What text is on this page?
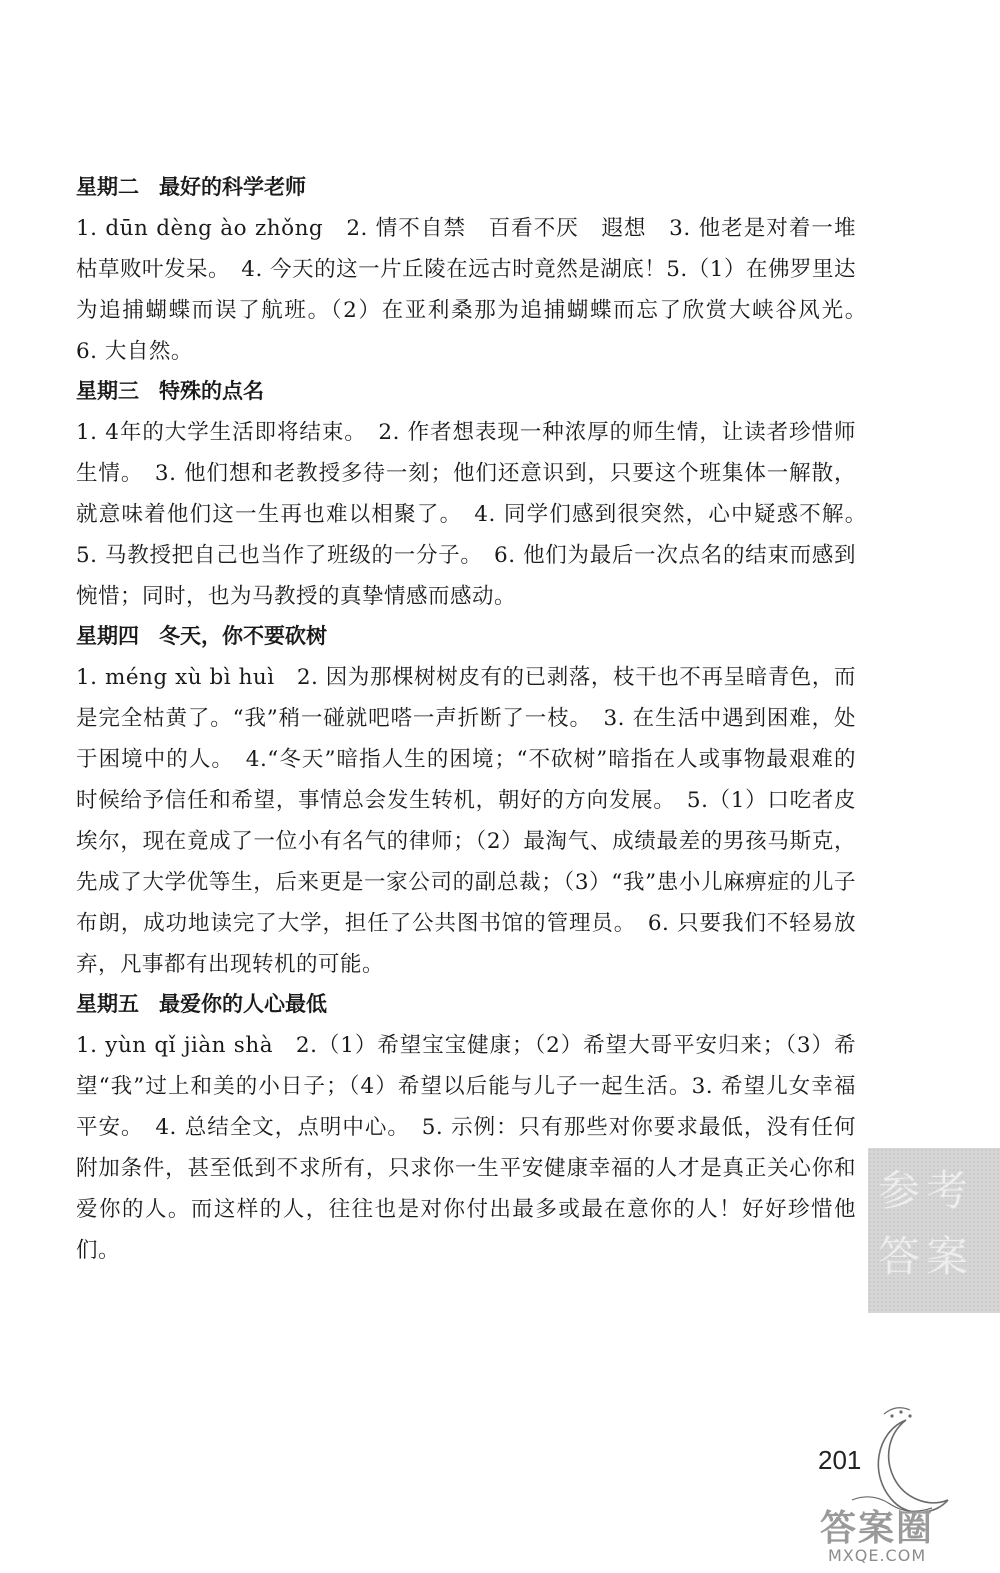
星期二 最好的科学老师
1. dūn dèng ào zhǒng　2. 情不自禁　百看不厌　遐想　3. 他老是对着一堆枯草败叶发呆。　4. 今天的这一片丘陵在远古时竟然是湖底！5.（1）在佛罗里达为追捕蝴蝶而误了航班。（2）在亚利桑那为追捕蝴蝶而忘了欣赏大峡谷风光。　6. 大自然。
星期三 特殊的点名
1. 4年的大学生活即将结束。　2. 作者想表现一种浓厚的师生情，让读者珍惜师生情。　3. 他们想和老教授多待一刻；他们还意识到，只要这个班集体一解散，就意味着他们这一生再也难以相聚了。　4. 同学们感到很突然，心中疑惑不解。　5. 马教授把自己也当作了班级的一分子。　6. 他们为最后一次点名的结束而感到惋惜；同时，也为马教授的真挚情感而感动。
星期四 冬天，你不要砍树
1. méng xù bì huì　2. 因为那棵树树皮有的已剥落，枝干也不再呈暗青色，而是完全枯黄了。“我”稍一碰就吧嗒一声折断了一枝。　3. 在生活中遇到困难，处于困境中的人。　4.“冬天”暗指人生的困境；“不砍树”暗指在人或事物最艰难的时候给予信任和希望，事情总会发生转机，朝好的方向发展。　5.（1）口吃者皮埃尔，现在竟成了一位小有名气的律师；（2）最淘气、成绩最差的男孩马斯克，先成了大学优等生，后来更是一家公司的副总裁；（3）“我”患小儿麻痹症的儿子布朗，成功地读完了大学，担任了公共图书馆的管理员。　6. 只要我们不轻易放弃，凡事都有出现转机的可能。
星期五 最爱你的人心最低
1. yùn qǐ jiàn shà　2.（1）希望宝宝健康；（2）希望大哥平安归来；（3）希望“我”过上和美的小日子；（4）希望以后能与儿子一起生活。3. 希望儿女幸福平安。　4. 总结全文，点明中心。　5. 示例：只有那些对你要求最低，没有任何附加条件，甚至低到不求所有，只求你一生平安健康幸福的人才是真正关心你和爱你的人。而这样的人，往往也是对你付出最多或最在意你的人！好好珍惜他们。
参考答案
201
答案圈
MXQE.COM
